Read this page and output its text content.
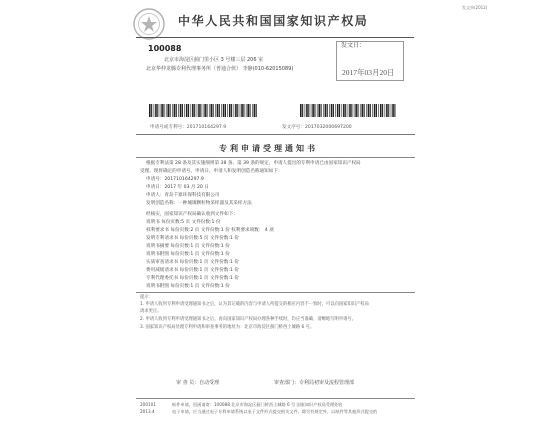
发文单(2012)
中华人民共和国国家知识产权局
100088
北京市海淀区蓟门里小区 3 号楼三层 206 室
北京华仲龙腾专利代理事务所（普通合伙） 李静(010-62015089)
发文日：
2017年03月20日
申请号或专利号：201710164297.9	发文序号：2017032000697200
专利申请受理通知书
根据专利法第 28 条及其实施细则第 38 条、第 39 条的规定，申请人提出的专利申请已由国家知识产权局
受理。现将确定的申请号、申请日、申请人和发明创造名称通知如下：
申请号：201710164297.9
申请日：2017 年 03 月 20 日
申请人：青岛千寨环保科技有限公司
发明创造名称：一种城镇颗粒物采样器及其采样方法
经核实，国家知识产权局确认收到文件如下：
说明书 每份页数:5 页 文件份数:1 份
权利要求书 每份页数:2 页 文件份数:1 份 权利要求项数： 4 项
发明专利请求书 每份页数:5 页 文件份数:1 份
说明书摘要 每份页数:1 页 文件份数:1 份
说明书附图 每份页数:1 页 文件份数:1 份
实质审查请求书 每份页数:1 页 文件份数:1 份
费用减缓请求书 每份页数:1 页 文件份数:1 份
专利代理委托书 每份页数:1 页 文件份数:1 份
说明书附图 每份页数:1 页 文件份数:1 份
提示：
1. 申请人收到专利申请受理通知书之后，认为其记载的内容与申请人所提交的相应内容不一致时，可以向国家知识产权局
请求更正。
2. 申请人收到专利申请受理通知书之后，再向国家知识产权局办理各种手续时，均应当准确、清晰地写明申请号。
3. 国家知识产权局处理专利申请和审查事务的地址为：北京市海淀区蓟门桥西土城路 6 号。
审 查 员：自动受理	审查部门：专利局初审及流程管理部
200101
2013.4
纸件申请，回函请寄：100088 北京市海淀区蓟门桥西土城路 6 号 国家知识产权局受理处收
电子申请，应当通过电子专利申请系统以电子文件形式提交相关文件。除另有规定外，以纸件等其他形式提交的
